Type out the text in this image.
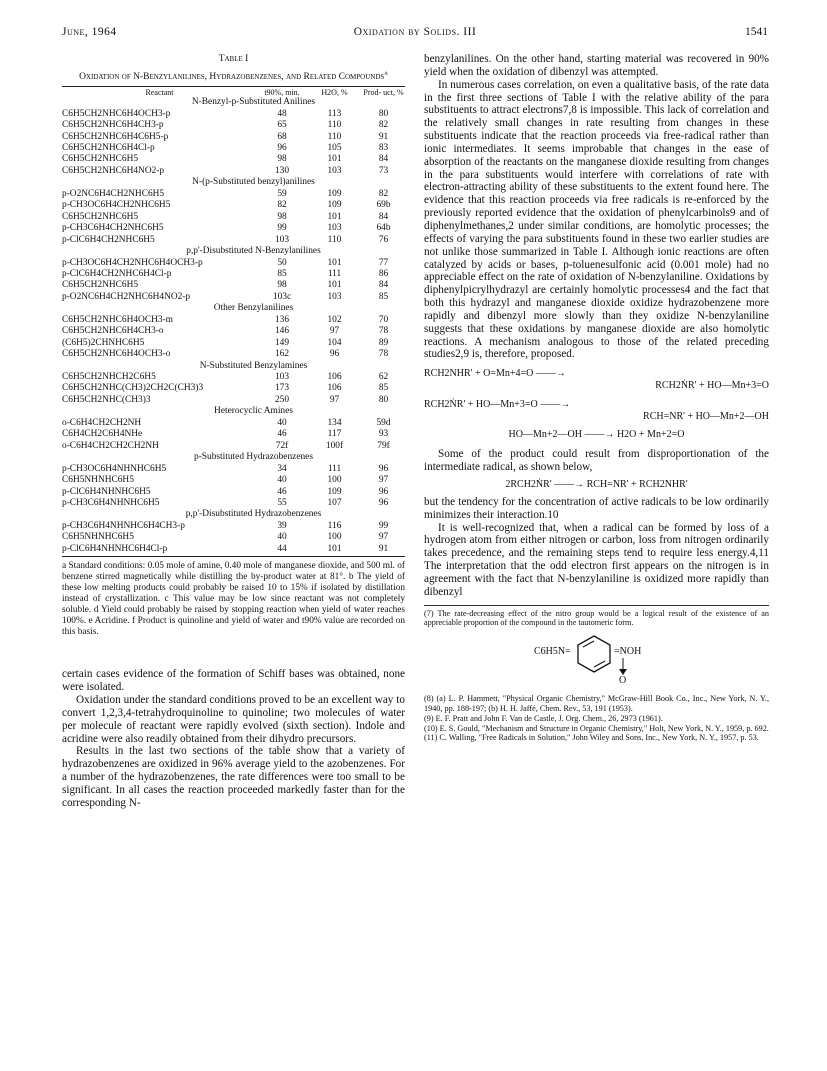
June, 1964	Oxidation by Solids. III	1541
Table I
Oxidation of N-Benzylanilines, Hydrazobenzenes, and Related Compounds$^a$
Reactant	t90%, min.	H2O, %	Prod- uct, %
N-Benzyl-p-Substituted Anilines			
C6H5CH2NHC6H4OCH3-p	48	113	80
C6H5CH2NHC6H4CH3-p	65	110	82
C6H5CH2NHC6H4C6H5-p	68	110	91
C6H5CH2NHC6H4Cl-p	96	105	83
C6H5CH2NHC6H5	98	101	84
C6H5CH2NHC6H4NO2-p	130	103	73
N-(p-Substituted benzyl)anilines			
p-O2NC6H4CH2NHC6H5	59	109	82
p-CH3OC6H4CH2NHC6H5	82	109	69b
C6H5CH2NHC6H5	98	101	84
p-CH3C6H4CH2NHC6H5	99	103	64b
p-ClC6H4CH2NHC6H5	103	110	76
p,p'-Disubstituted N-Benzylanilines			
p-CH3OC6H4CH2NHC6H4OCH3-p	50	101	77
p-ClC6H4CH2NHC6H4Cl-p	85	111	86
C6H5CH2NHC6H5	98	101	84
p-O2NC6H4CH2NHC6H4NO2-p	103c	103	85
Other Benzylanilines			
C6H5CH2NHC6H4OCH3-m	136	102	70
C6H5CH2NHC6H4CH3-o	146	97	78
(C6H5)2CHNHC6H5	149	104	89
C6H5CH2NHC6H4OCH3-o	162	96	78
N-Substituted Benzylamines			
C6H5CH2NHCH2C6H5	103	106	62
C6H5CH2NHC(CH3)2CH2C(CH3)3	173	106	85
C6H5CH2NHC(CH3)3	250	97	80
Heterocyclic Amines			
o-C6H4CH2CH2NH	40	134	59d
C6H4CH2C6H4NHe	46	117	93
o-C6H4CH2CH2CH2NH	72f	100f	79f
p-Substituted Hydrazobenzenes			
p-CH3OC6H4NHNHC6H5	34	111	96
C6H5NHNHC6H5	40	100	97
p-ClC6H4NHNHC6H5	46	109	96
p-CH3C6H4NHNHC6H5	55	107	96
p,p'-Disubstituted Hydrazobenzenes			
p-CH3C6H4NHNHC6H4CH3-p	39	116	99
C6H5NHNHC6H5	40	100	97
p-ClC6H4NHNHC6H4Cl-p	44	101	91
a Standard conditions: 0.05 mole of amine, 0.40 mole of manganese dioxide, and 500 ml. of benzene stirred magnetically while distilling the by-product water at 81°. b The yield of these low melting products could probably be raised 10 to 15% if isolated by distillation instead of crystallization. c This value may be low since reactant was not completely soluble. d Yield could probably be raised by stopping reaction when yield of water reaches 100%. e Acridine. f Product is quinoline and yield of water and t90% value are recorded on this basis.

certain cases evidence of the formation of Schiff bases was obtained, none were isolated.

Oxidation under the standard conditions proved to be an excellent way to convert 1,2,3,4-tetrahydroquinoline to quinoline; two molecules of water per molecule of reactant were rapidly evolved (sixth section). Indole and acridine were also readily obtained from their dihydro precursors.

Results in the last two sections of the table show that a variety of hydrazobenzenes are oxidized in 96% average yield to the azobenzenes. For a number of the hydrazobenzenes, the rate differences were too small to be significant. In all cases the reaction proceeded markedly faster than for the corresponding N-

benzylanilines. On the other hand, starting material was recovered in 90% yield when the oxidation of dibenzyl was attempted.

In numerous cases correlation, on even a qualitative basis, of the rate data in the first three sections of Table I with the relative ability of the para substituents to attract electrons7,8 is impossible. This lack of correlation and the relatively small changes in rate resulting from changes in these substituents indicate that the reaction proceeds via free-radical rather than ionic intermediates. It seems improbable that changes in the ease of absorption of the reactants on the manganese dioxide resulting from changes in the para substituents would interfere with correlations of rate with electron-attracting ability of these substituents to the extent found here. The evidence that this reaction proceeds via free radicals is re-enforced by the previously reported evidence that the oxidation of phenylcarbinols9 and of diphenylmethanes,2 under similar conditions, are homolytic processes; the effects of varying the para substituents found in these two earlier studies are not unlike those summarized in Table I. Although ionic reactions are often catalyzed by acids or bases, p-toluenesulfonic acid (0.001 mole) had no appreciable effect on the rate of oxidation of N-benzylaniline. Oxidations by diphenylpicrylhydrazyl are certainly homolytic processes4 and the fact that both this hydrazyl and manganese dioxide oxidize hydrazobenzene more rapidly and dibenzyl more slowly than they oxidize N-benzylaniline suggests that these oxidations by manganese dioxide are also homolytic reactions. A mechanism analogous to those of the related preceding studies2,9 is, therefore, proposed.

RCH2NHR' + O=Mn+4=O ——→
RCH2ṄR' + HO—Mn+3=O
RCH2ṄR' + HO—Mn+3=O ——→
RCH=NR' + HO—Mn+2—OH
HO—Mn+2—OH ——→ H2O + Mn+2=O
Some of the product could result from disproportionation of the intermediate radical, as shown below,
2RCH2ṄR' ——→ RCH=NR' + RCH2NHR'
but the tendency for the concentration of active radicals to be low ordinarily minimizes their interaction.10
It is well-recognized that, when a radical can be formed by loss of a hydrogen atom from either nitrogen or carbon, loss from nitrogen ordinarily takes precedence, and the remaining steps tend to require less energy.4,11 The interpretation that the odd electron first appears on the nitrogen is in agreement with the fact that N-benzylaniline is oxidized more rapidly than dibenzyl
(7) The rate-decreasing effect of the nitro group would be a logical result of the existence of an appreciable proportion of the compound in the tautomeric form.
C6H5N=	=NOH
O
(8) (a) L. P. Hammett, "Physical Organic Chemistry," McGraw-Hill Book Co., Inc., New York, N. Y., 1940, pp. 188-197; (b) H. H. Jaffé, Chem. Rev., 53, 191 (1953).
(9) E. F. Pratt and John F. Van de Castle, J. Org. Chem., 26, 2973 (1961).
(10) E. S. Gould, "Mechanism and Structure in Organic Chemistry," Holt, New York, N. Y., 1959, p. 692.
(11) C. Walling, "Free Radicals in Solution," John Wiley and Sons, Inc., New York, N. Y., 1957, p. 53.
